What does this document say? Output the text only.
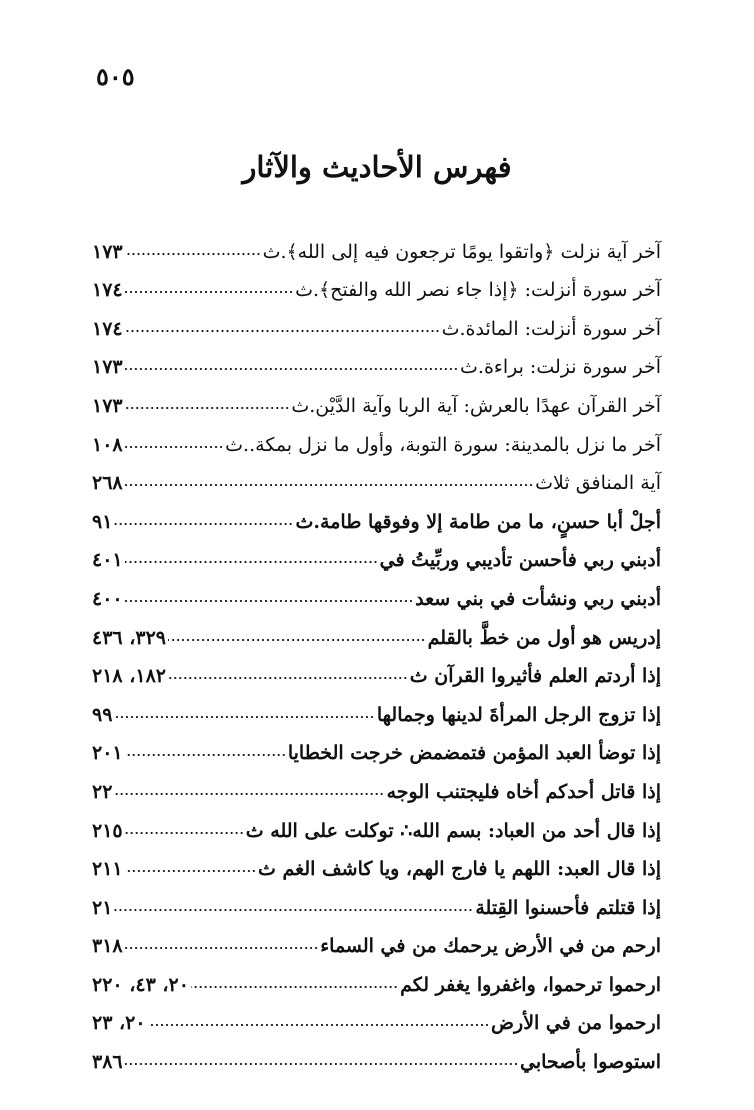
٥٠٥
فهرس الأحاديث والآثار
آخر آية نزلت ﴿واتقوا يومًا ترجعون فيه إلى الله﴾.ث
١٧٣
آخر سورة أنزلت: ﴿إذا جاء نصر الله والفتح﴾.ث
١٧٤
آخر سورة أنزلت: المائدة.ث
١٧٤
آخر سورة نزلت: براءة.ث
١٧٣
آخر القرآن عهدًا بالعرش: آية الربا وآية الدَّيْن.ث
١٧٣
آخر ما نزل بالمدينة: سورة التوبة، وأول ما نزل بمكة..ث
١٠٨
آية المنافق ثلاث
٢٦٨
أجلْ أبا حسنٍ، ما من طامة إلا وفوقها طامة.ث
٩١
أدبني ربي فأحسن تأديبي وربِّيتُ في
٤٠١
أدبني ربي ونشأت في بني سعد
٤٠٠
إدريس هو أول من خطَّ بالقلم
٣٢٩، ٤٣٦
إذا أردتم العلم فأثيروا القرآن ث
١٨٢، ٢١٨
إذا تزوج الرجل المرأةَ لدينها وجمالها
٩٩
إذا توضأ العبد المؤمن فتمضمض خرجت الخطايا
٢٠١
إذا قاتل أحدكم أخاه فليجتنب الوجه
٢٢
إذا قال أحد من العباد: بسم الله∴ توكلت على الله ث
٢١٥
إذا قال العبد: اللهم يا فارج الهم، ويا كاشف الغم ث
٢١١
إذا قتلتم فأحسنوا القِتلة
٢١
ارحم من في الأرض يرحمك من في السماء
٣١٨
ارحموا ترحموا، واغفروا يغفر لكم
٢٠، ٤٣، ٢٢٠
ارحموا من في الأرض
٢٠، ٢٣
استوصوا بأصحابي
٣٨٦
